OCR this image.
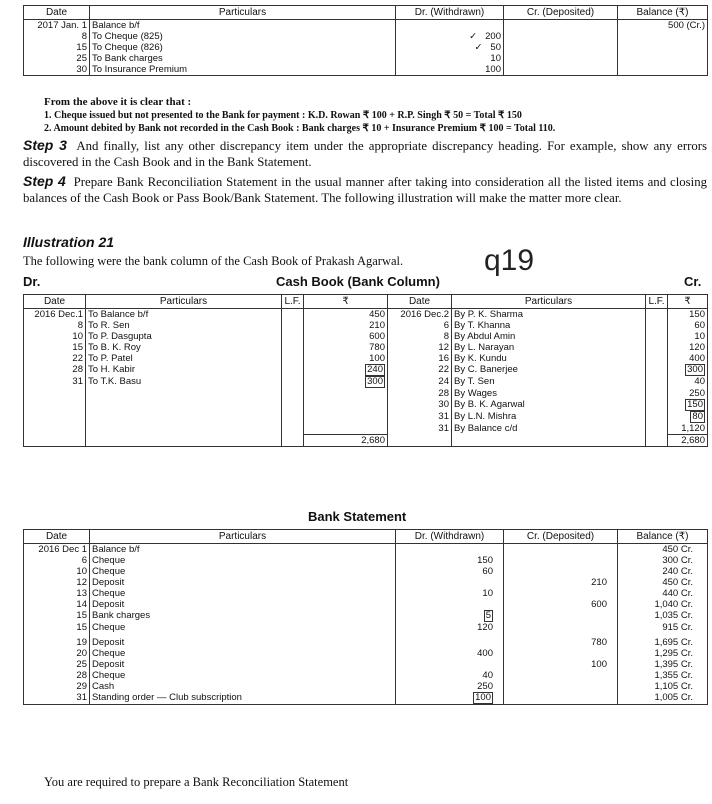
Date	Particulars	Dr. (Withdrawn)	Cr. (Deposited)	Balance (₹)
2017 Jan. 1	Balance b/f			500 (Cr.)
8	To Cheque (825)	✓ 200		
15	To Cheque (826)	✓ 50		
25	To Bank charges	10		
30	To Insurance Premium	100		

From the above it is clear that :

1. Cheque issued but not presented to the Bank for payment : K.D. Rowan ₹ 100 + R.P. Singh ₹ 50 = Total ₹ 150

2. Amount debited by Bank not recorded in the Cash Book : Bank charges ₹ 10 + Insurance Premium ₹ 100 = Total 110.

Step 3 And finally, list any other discrepancy item under the appropriate discrepancy heading. For example, show any errors discovered in the Cash Book and in the Bank Statement.
Step 4 Prepare Bank Reconciliation Statement in the usual manner after taking into consideration all the listed items and closing balances of the Cash Book or Pass Book/Bank Statement. The following illustration will make the matter more clear.
Illustration 21
The following were the bank column of the Cash Book of Prakash Agarwal.	q19
Dr.	Cash Book (Bank Column)	Cr.
Date	Particulars	L.F.	₹	Date	Particulars	L.F.	₹
2016 Dec.1	To Balance b/f		450	2016 Dec.2	By P. K. Sharma		150
8	To R. Sen		210	6	By T. Khanna		60
10	To P. Dasgupta		600	8	By Abdul Amin		10
15	To B. K. Roy		780	12	By L. Narayan		120
22	To P. Patel		100	16	By K. Kundu		400
28	To H. Kabir		240	22	By C. Banerjee		300
31	To T.K. Basu		300	24	By T. Sen		40
				28	By Wages		250
				30	By B. K. Agarwal		150
				31	By L.N. Mishra		80
				31	By Balance c/d		1,120
			2,680				2,680
Bank Statement
Date	Particulars	Dr. (Withdrawn)	Cr. (Deposited)	Balance (₹)
2016 Dec 1	Balance b/f			450 Cr.
6	Cheque	150		300 Cr.
10	Cheque	60		240 Cr.
12	Deposit		210	450 Cr.
13	Cheque	10		440 Cr.
14	Deposit		600	1,040 Cr.
15	Bank charges	5		1,035 Cr.
15	Cheque	120		915 Cr.
19	Deposit		780	1,695 Cr.
20	Cheque	400		1,295 Cr.
25	Deposit		100	1,395 Cr.
28	Cheque	40		1,355 Cr.
29	Cash	250		1,105 Cr.
31	Standing order — Club subscription	100		1,005 Cr.
You are required to prepare a Bank Reconciliation Statement
